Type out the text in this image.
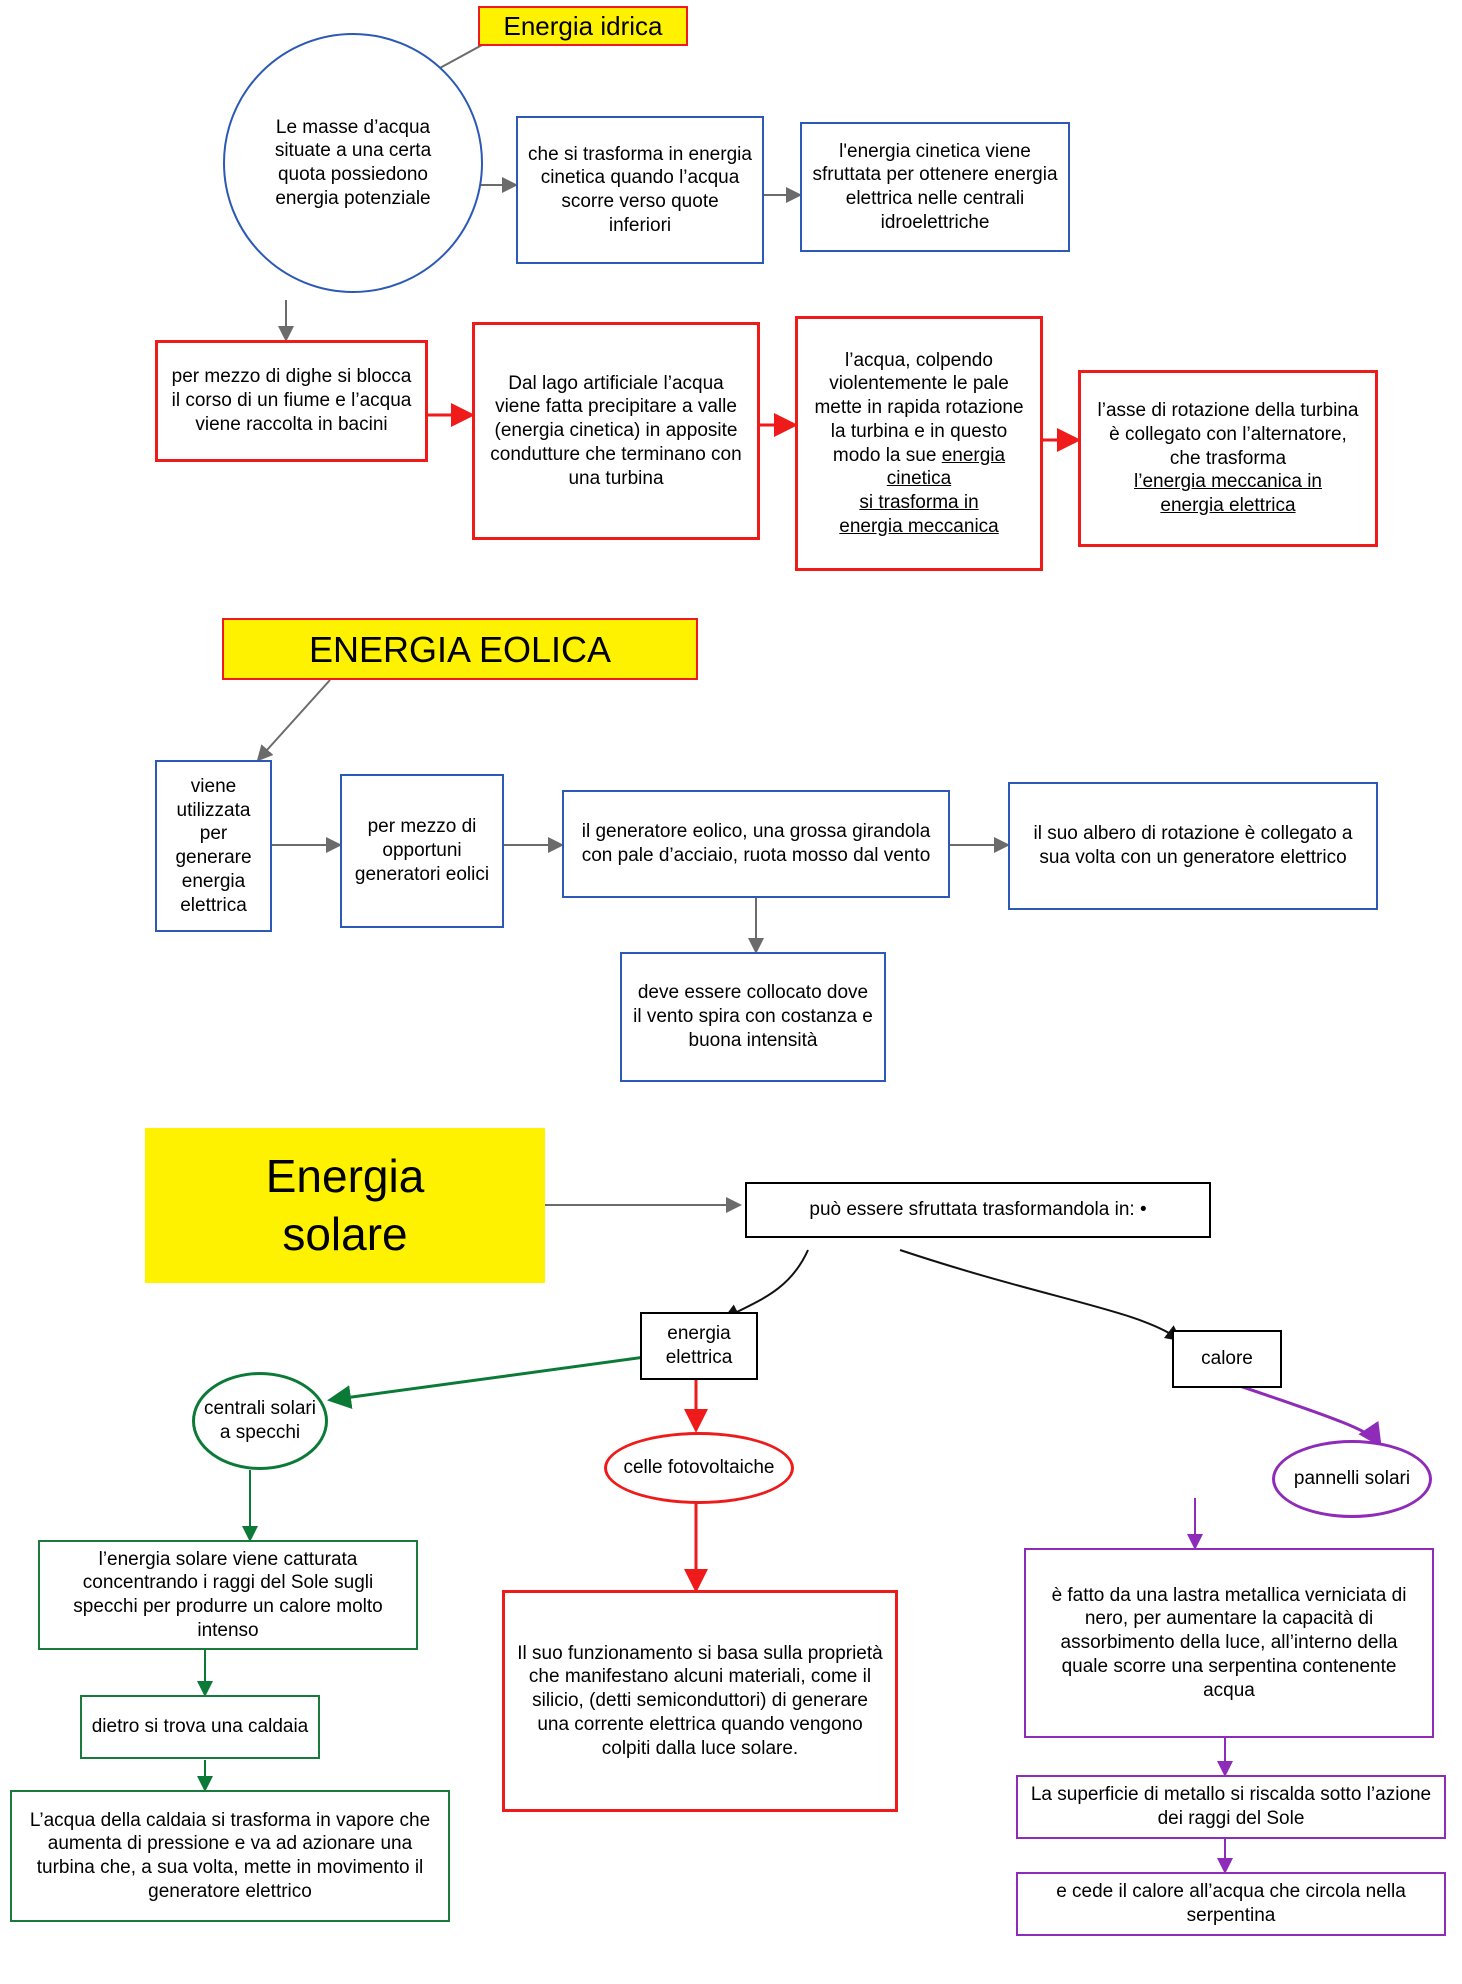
Energia idrica
Le masse d’acqua situate a una certa quota possiedono energia potenziale
che si trasforma in energia cinetica quando l’acqua scorre verso quote inferiori
l'energia cinetica viene sfruttata per ottenere energia elettrica nelle centrali idroelettriche
per mezzo di dighe si blocca il corso di un fiume e l’acqua viene raccolta in bacini
Dal lago artificiale l’acqua viene fatta precipitare a valle (energia cinetica) in apposite condutture che terminano con una turbina
l’acqua, colpendo violentemente le pale mette in rapida rotazione la turbina e in questo modo la sue energia cinetica
si trasforma in
energia meccanica
l’asse di rotazione della turbina è collegato con l’alternatore, che trasforma
l’energia meccanica in
energia elettrica
ENERGIA EOLICA
viene utilizzata per generare energia elettrica
per mezzo di opportuni generatori eolici
il generatore eolico, una grossa girandola con pale d’acciaio, ruota mosso dal vento
il suo albero di rotazione è collegato a sua volta con un generatore elettrico
deve essere collocato dove il vento spira con costanza e buona intensità
Energia
solare	può essere sfruttata trasformandola in: •
energia elettrica	calore
centrali solari a specchi
celle fotovoltaiche
pannelli solari
l’energia solare viene catturata concentrando i raggi del Sole sugli specchi per produrre un calore molto intenso
dietro si trova una caldaia
L’acqua della caldaia si trasforma in vapore che aumenta di pressione e va ad azionare una turbina che, a sua volta, mette in movimento il generatore elettrico
Il suo funzionamento si basa sulla proprietà che manifestano alcuni materiali, come il silicio, (detti semiconduttori) di generare una corrente elettrica quando vengono colpiti dalla luce solare.
è fatto da una lastra metallica verniciata di nero, per aumentare la capacità di assorbimento della luce, all’interno della quale scorre una serpentina contenente acqua
La superficie di metallo si riscalda sotto l’azione dei raggi del Sole
e cede il calore all’acqua che circola nella serpentina
